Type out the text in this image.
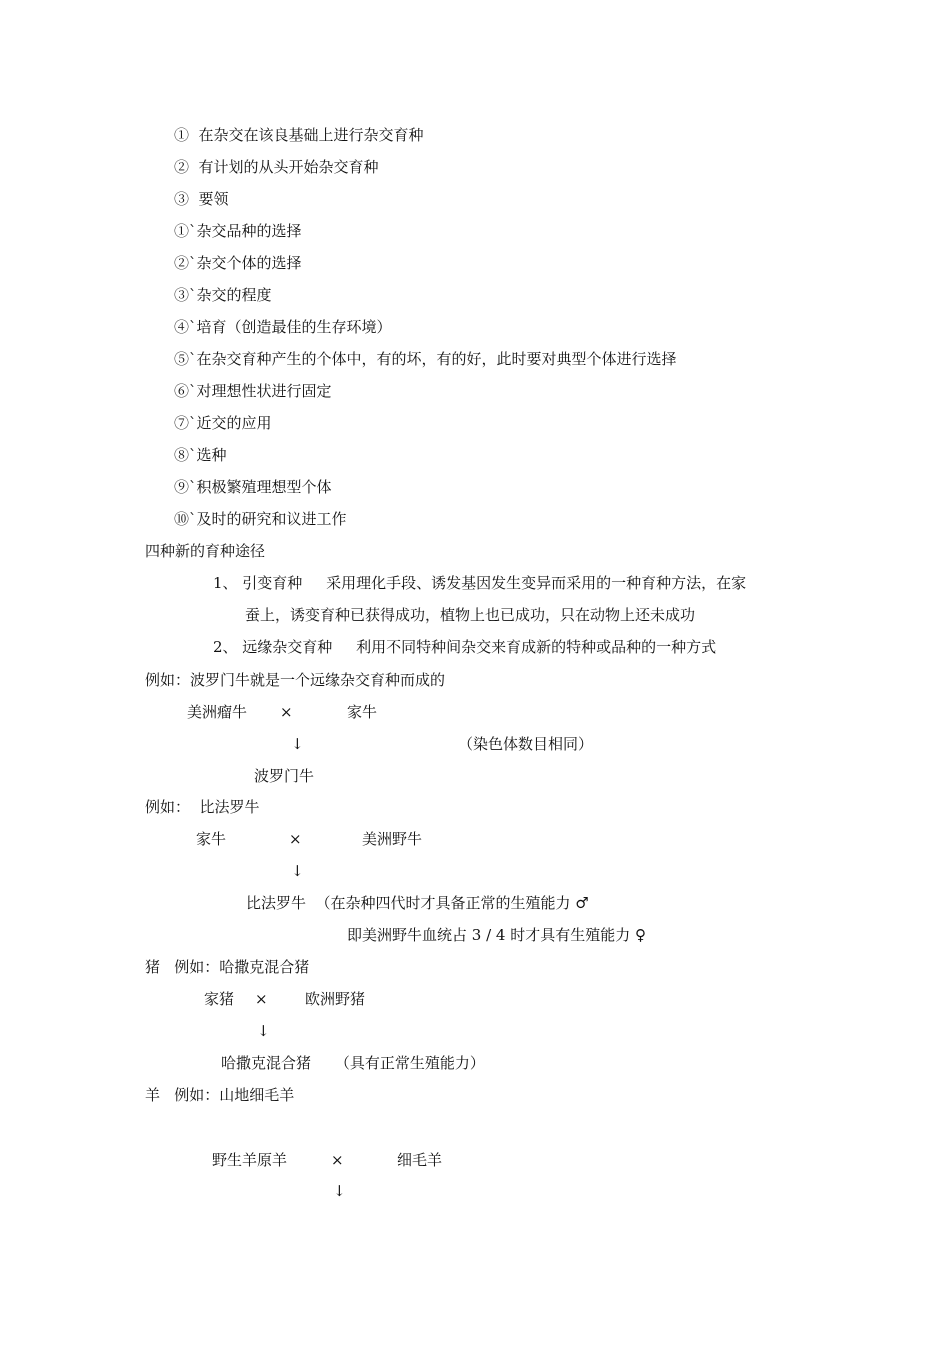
①  在杂交在该良基础上进行杂交育种
②  有计划的从头开始杂交育种
③  要领
①`杂交品种的选择
②`杂交个体的选择
③`杂交的程度
④`培育（创造最佳的生存环境）
⑤`在杂交育种产生的个体中，有的坏，有的好，此时要对典型个体进行选择
⑥`对理想性状进行固定
⑦`近交的应用
⑧`选种
⑨`积极繁殖理想型个体
⑩`及时的研究和议进工作
四种新的育种途径
1、 引变育种     采用理化手段、诱发基因发生变异而采用的一种育种方法，在家
蚕上，诱变育种已获得成功，植物上也已成功，只在动物上还未成功
2、 远缘杂交育种     利用不同特种间杂交来育成新的特种或品种的一种方式
例如：波罗门牛就是一个远缘杂交育种而成的
美洲瘤牛 ×	家牛
↓	（染色体数目相同）
波罗门牛
例如：  比法罗牛
家牛	×	美洲野牛
↓
比法罗牛  （在杂种四代时才具备正常的生殖能力 ♂
即美洲野牛血统占 3 / 4 时才具有生殖能力 ♀
猪   例如：哈撒克混合猪
家猪 × 欧洲野猪
↓
哈撒克混合猪     （具有正常生殖能力）
羊   例如：山地细毛羊
野生羊原羊	×	细毛羊
↓
